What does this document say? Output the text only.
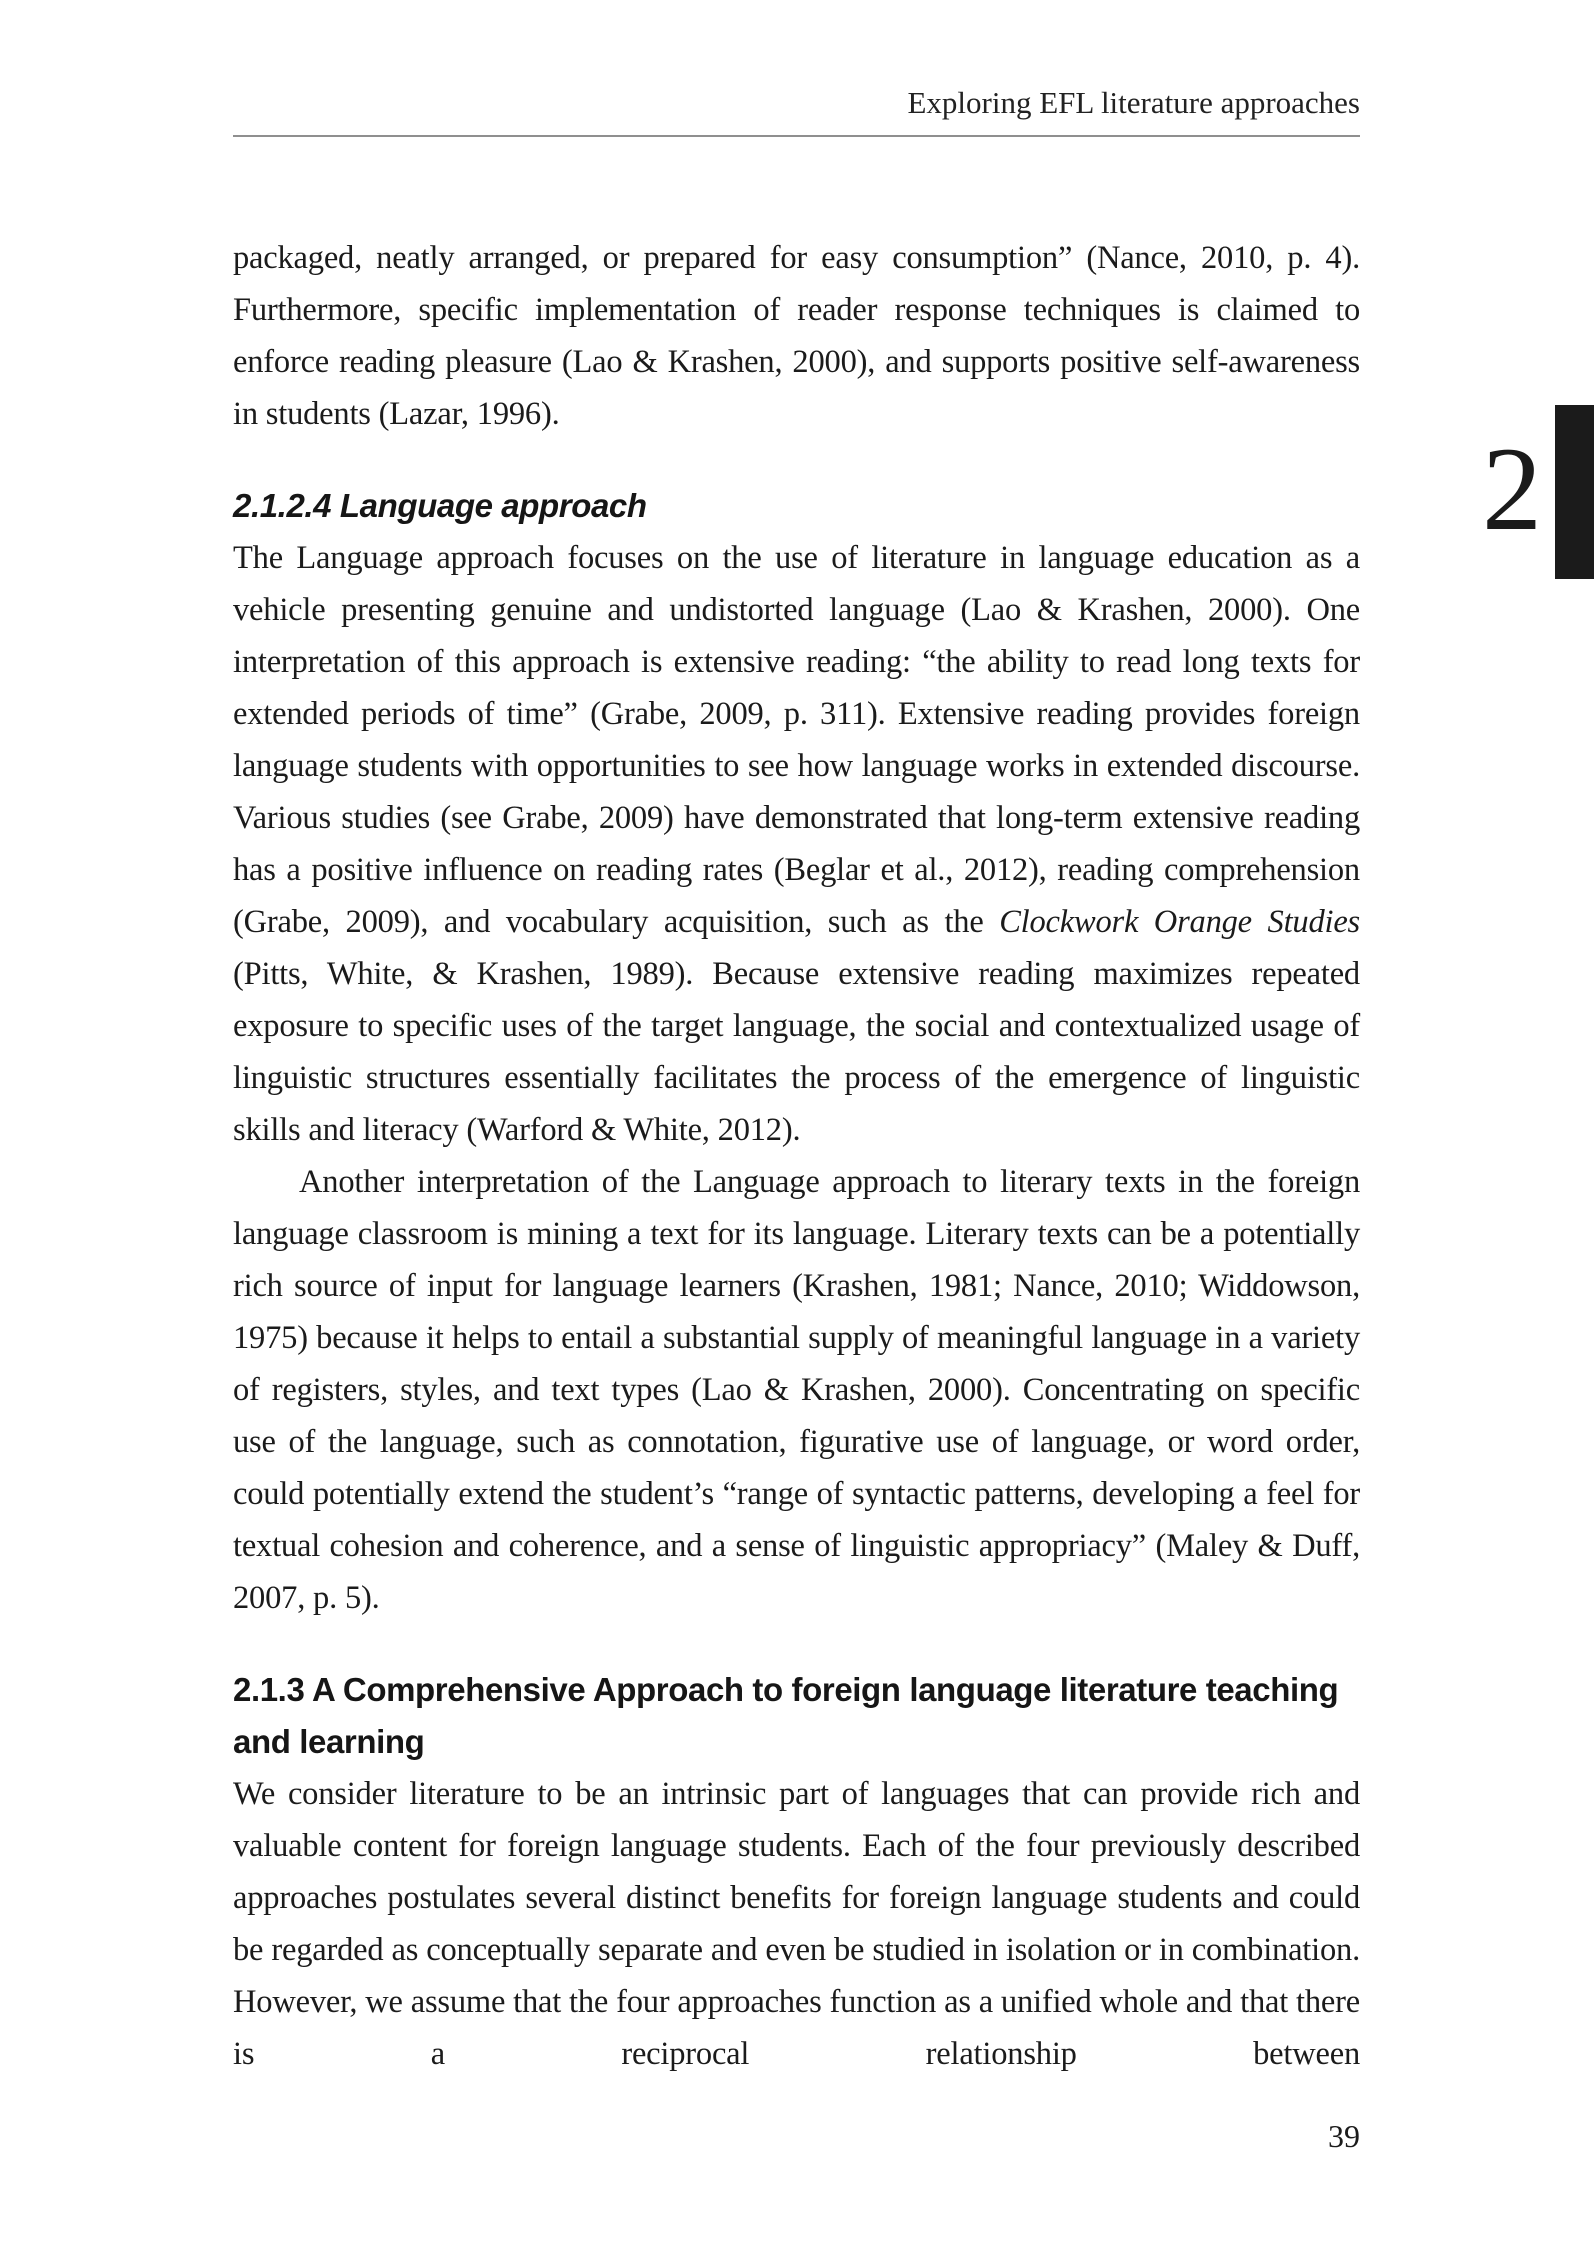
Exploring EFL literature approaches
2

packaged, neatly arranged, or prepared for easy consumption” (Nance, 2010, p. 4). Furthermore, specific implementation of reader response techniques is claimed to enforce reading pleasure (Lao & Krashen, 2000), and supports positive self-awareness in students (Lazar, 1996).

2.1.2.4 Language approach

The Language approach focuses on the use of literature in language education as a vehicle presenting genuine and undistorted language (Lao & Krashen, 2000). One interpretation of this approach is extensive reading: “the ability to read long texts for extended periods of time” (Grabe, 2009, p. 311). Extensive reading provides foreign language students with opportunities to see how language works in extended discourse. Various studies (see Grabe, 2009) have demonstrated that long-term extensive reading has a positive influence on reading rates (Beglar et al., 2012), reading comprehension (Grabe, 2009), and vocabulary acquisition, such as the Clockwork Orange Studies (Pitts, White, & Krashen, 1989). Because extensive reading maximizes repeated exposure to specific uses of the target language, the social and contextualized usage of linguistic structures essentially facilitates the process of the emergence of linguistic skills and literacy (Warford & White, 2012).

Another interpretation of the Language approach to literary texts in the foreign language classroom is mining a text for its language. Literary texts can be a potentially rich source of input for language learners (Krashen, 1981; Nance, 2010; Widdowson, 1975) because it helps to entail a substantial supply of meaningful language in a variety of registers, styles, and text types (Lao & Krashen, 2000). Concentrating on specific use of the language, such as connotation, figurative use of language, or word order, could potentially extend the student’s “range of syntactic patterns, developing a feel for textual cohesion and coherence, and a sense of linguistic appropriacy” (Maley & Duff, 2007, p. 5).

2.1.3 A Comprehensive Approach to foreign language literature teaching
and learning

We consider literature to be an intrinsic part of languages that can provide rich and valuable content for foreign language students. Each of the four previously described approaches postulates several distinct benefits for foreign language students and could be regarded as conceptually separate and even be studied in isolation or in combination. However, we assume that the four approaches function as a unified whole and that there is a reciprocal relationship between

39
